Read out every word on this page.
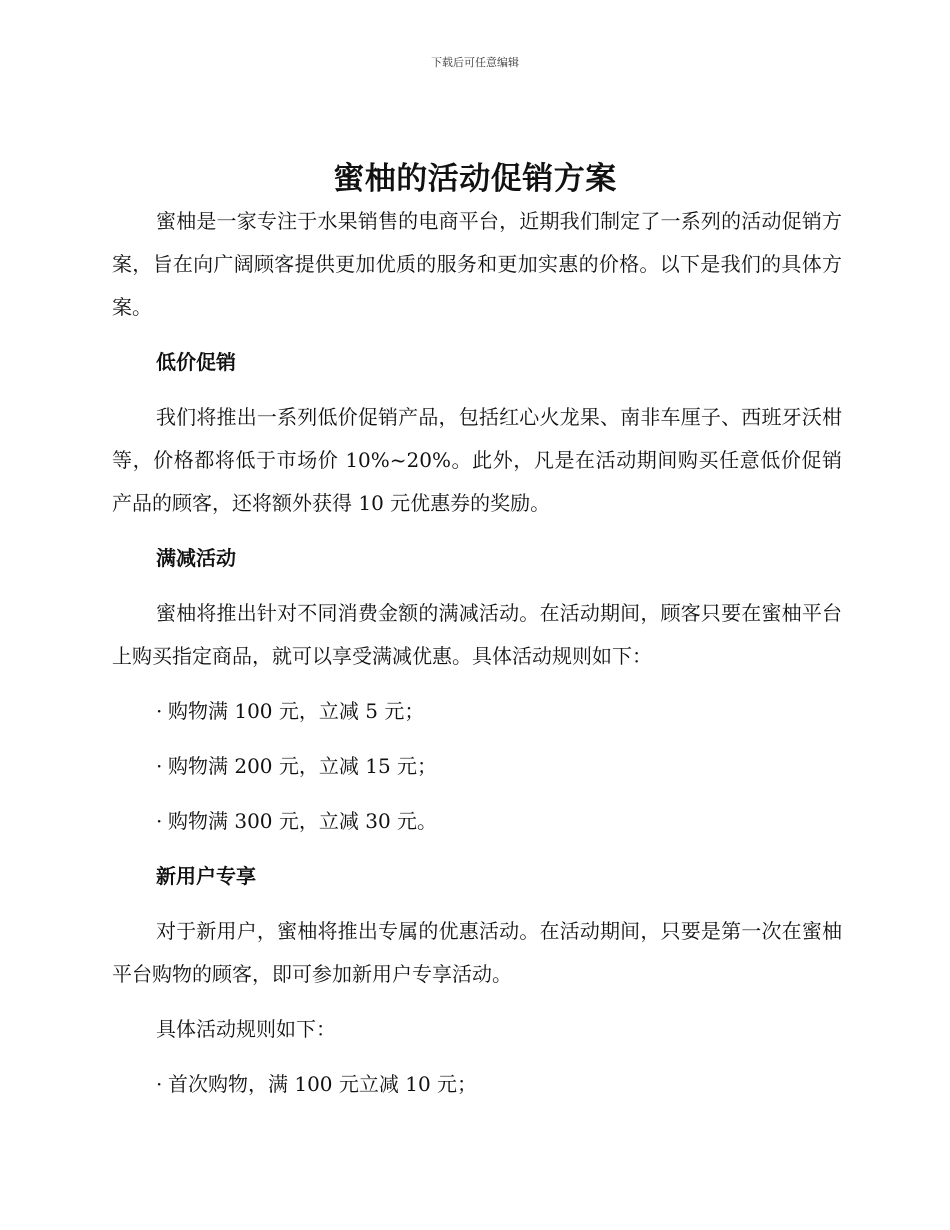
下载后可任意编辑
蜜柚的活动促销方案

蜜柚是一家专注于水果销售的电商平台，近期我们制定了一系列的活动促销方案，旨在向广阔顾客提供更加优质的服务和更加实惠的价格。以下是我们的具体方案。

低价促销

我们将推出一系列低价促销产品，包括红心火龙果、南非车厘子、西班牙沃柑等，价格都将低于市场价 10%~20%。此外，凡是在活动期间购买任意低价促销产品的顾客，还将额外获得 10 元优惠券的奖励。

满减活动

蜜柚将推出针对不同消费金额的满减活动。在活动期间，顾客只要在蜜柚平台上购买指定商品，就可以享受满减优惠。具体活动规则如下：

· 购物满 100 元，立减 5 元；

· 购物满 200 元，立减 15 元；

· 购物满 300 元，立减 30 元。

新用户专享

对于新用户，蜜柚将推出专属的优惠活动。在活动期间，只要是第一次在蜜柚平台购物的顾客，即可参加新用户专享活动。

具体活动规则如下：

· 首次购物，满 100 元立减 10 元；
